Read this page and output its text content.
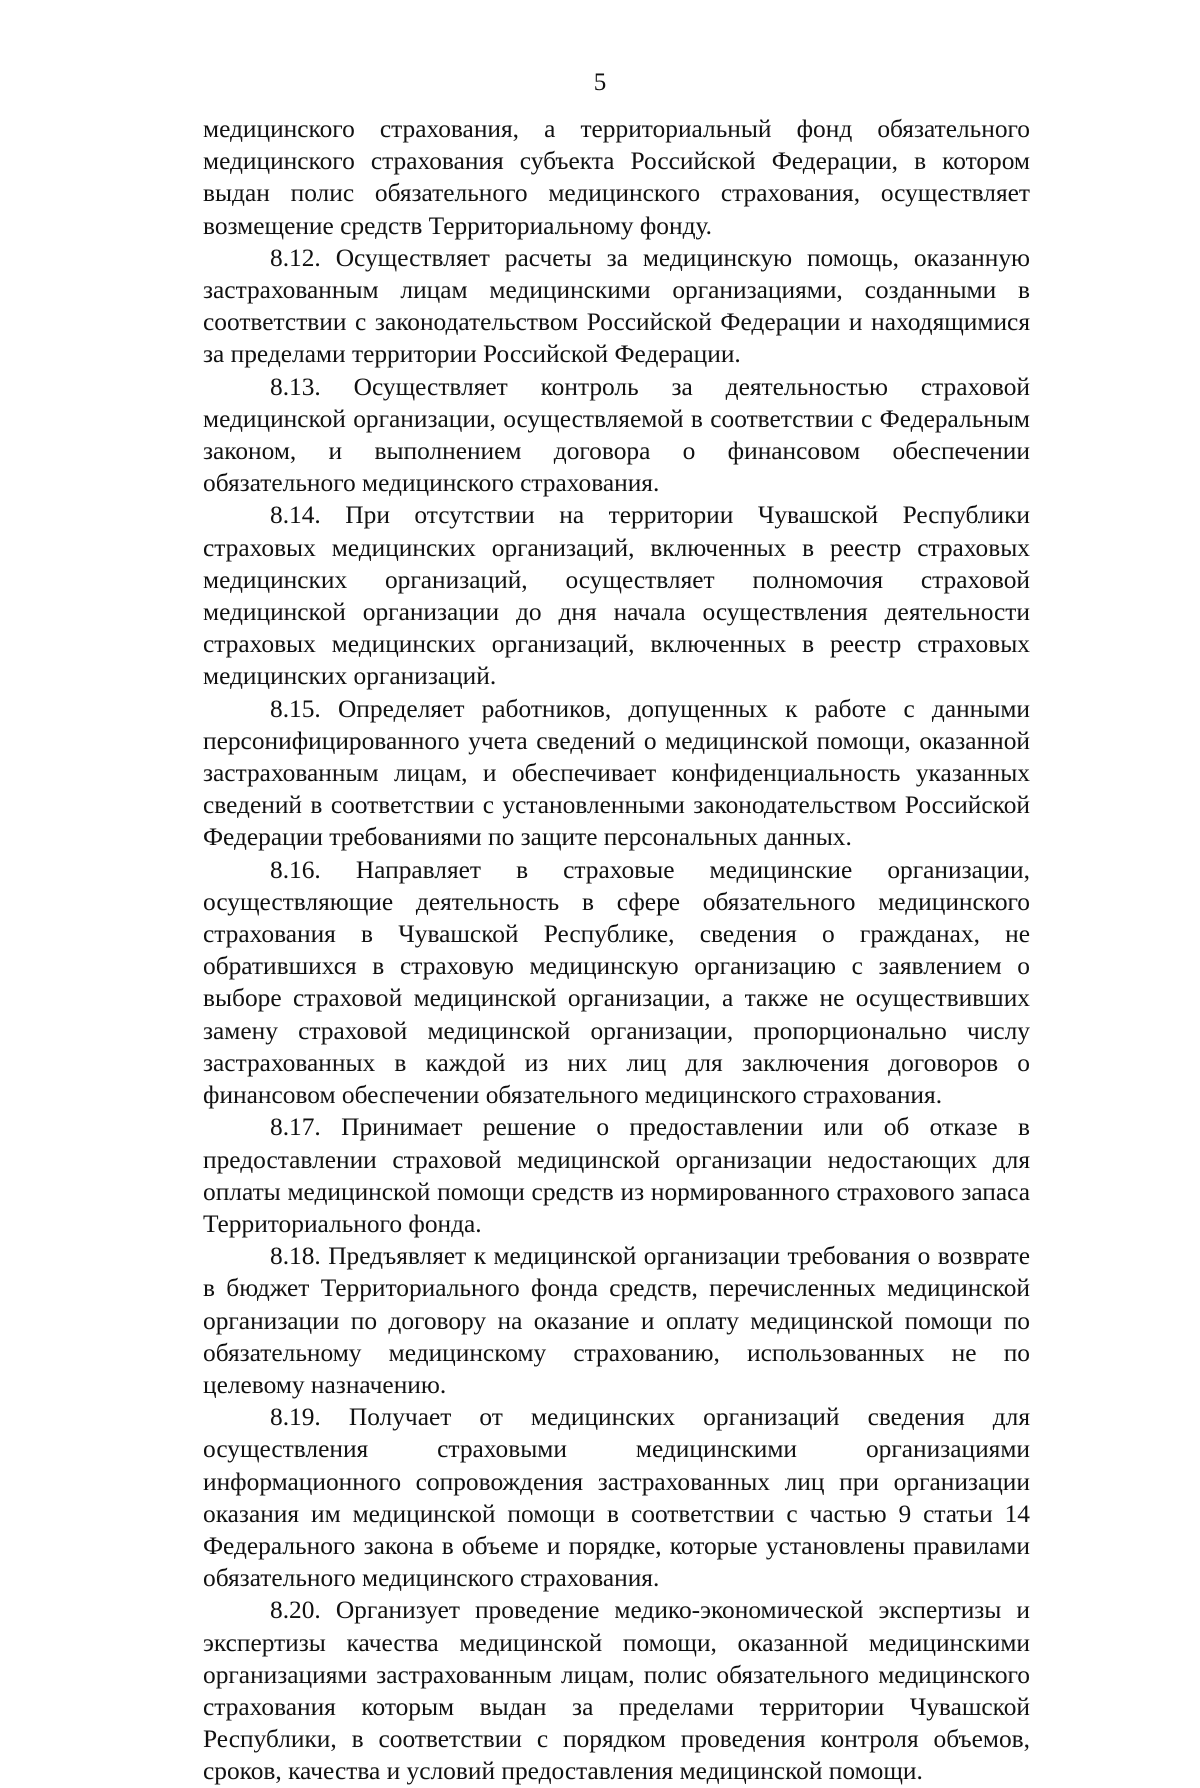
5

медицинского страхования, а территориальный фонд обязательного медицинского страхования субъекта Российской Федерации, в котором выдан полис обязательного медицинского страхования, осуществляет возмещение средств Территориальному фонду.

8.12. Осуществляет расчеты за медицинскую помощь, оказанную застрахованным лицам медицинскими организациями, созданными в соответствии с законодательством Российской Федерации и находящимися за пределами территории Российской Федерации.

8.13. Осуществляет контроль за деятельностью страховой медицинской организации, осуществляемой в соответствии с Федеральным законом, и выполнением договора о финансовом обеспечении обязательного медицинского страхования.

8.14. При отсутствии на территории Чувашской Республики страховых медицинских организаций, включенных в реестр страховых медицинских организаций, осуществляет полномочия страховой медицинской организации до дня начала осуществления деятельности страховых медицинских организаций, включенных в реестр страховых медицинских организаций.

8.15. Определяет работников, допущенных к работе с данными персонифицированного учета сведений о медицинской помощи, оказанной застрахованным лицам, и обеспечивает конфиденциальность указанных сведений в соответствии с установленными законодательством Российской Федерации требованиями по защите персональных данных.

8.16. Направляет в страховые медицинские организации, осуществляющие деятельность в сфере обязательного медицинского страхования в Чувашской Республике, сведения о гражданах, не обратившихся в страховую медицинскую организацию с заявлением о выборе страховой медицинской организации, а также не осуществивших замену страховой медицинской организации, пропорционально числу застрахованных в каждой из них лиц для заключения договоров о финансовом обеспечении обязательного медицинского страхования.

8.17. Принимает решение о предоставлении или об отказе в предоставлении страховой медицинской организации недостающих для оплаты медицинской помощи средств из нормированного страхового запаса Территориального фонда.

8.18. Предъявляет к медицинской организации требования о возврате в бюджет Территориального фонда средств, перечисленных медицинской организации по договору на оказание и оплату медицинской помощи по обязательному медицинскому страхованию, использованных не по целевому назначению.

8.19. Получает от медицинских организаций сведения для осуществления страховыми медицинскими организациями информационного сопровождения застрахованных лиц при организации оказания им медицинской помощи в соответствии с частью 9 статьи 14 Федерального закона в объеме и порядке, которые установлены правилами обязательного медицинского страхования.

8.20. Организует проведение медико-экономической экспертизы и экспертизы качества медицинской помощи, оказанной медицинскими организациями застрахованным лицам, полис обязательного медицинского страхования которым выдан за пределами территории Чувашской Республики, в соответствии с порядком проведения контроля объемов, сроков, качества и условий предоставления медицинской помощи.
